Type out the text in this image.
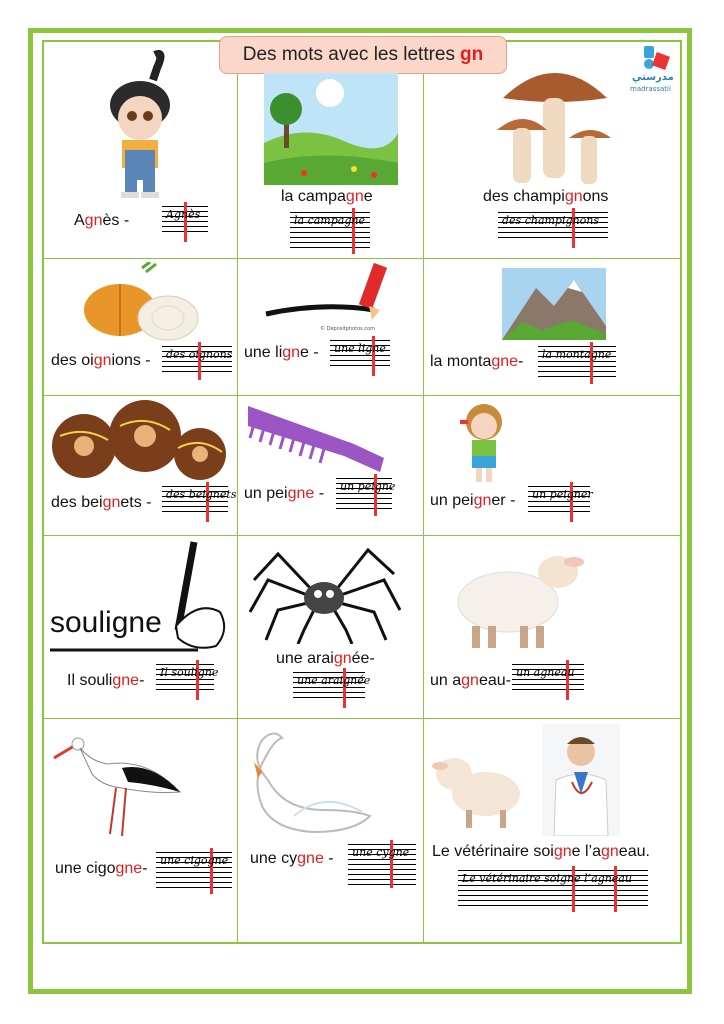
Des mots avec les lettres gn
مدرستي
madrassatii
Agnès -	Agnès
la campagne
la campagne
des champignons
des champignons
des oignions - des oignons
© Depositphotos.com
une ligne - une ligne
la montagne- la montagne
des beignets - des beignets un peigne - un peigne
un peigner - un peigner
souligne
Il souligne- Il souligne
une araignée-
une araignée	un agneau- un agneau
une cigogne- une cigogne une cygne - une cygne Le vétérinaire soigne l’agneau.
Le vétérinaire soigne l’agneau
